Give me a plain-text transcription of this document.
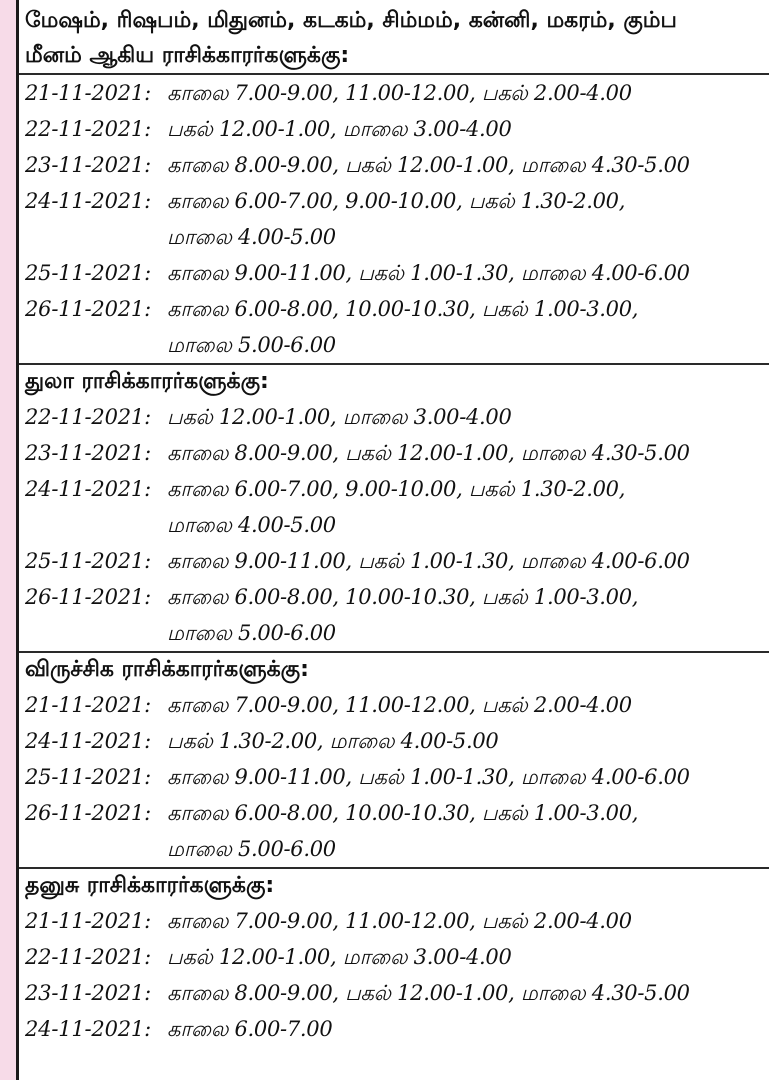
மேஷம், ரிஷபம், மிதுனம், கடகம், சிம்மம், கன்னி, மகரம், கும்ப
மீனம் ஆகிய ராசிக்காரர்களுக்கு:
21-11-2021: காலை 7.00-9.00, 11.00-12.00, பகல் 2.00-4.00
22-11-2021: பகல் 12.00-1.00, மாலை 3.00-4.00
23-11-2021: காலை 8.00-9.00, பகல் 12.00-1.00, மாலை 4.30-5.00
24-11-2021: காலை 6.00-7.00, 9.00-10.00, பகல் 1.30-2.00,
மாலை 4.00-5.00
25-11-2021: காலை 9.00-11.00, பகல் 1.00-1.30, மாலை 4.00-6.00
26-11-2021: காலை 6.00-8.00, 10.00-10.30, பகல் 1.00-3.00,
மாலை 5.00-6.00
துலா ராசிக்காரர்களுக்கு:
22-11-2021: பகல் 12.00-1.00, மாலை 3.00-4.00
23-11-2021: காலை 8.00-9.00, பகல் 12.00-1.00, மாலை 4.30-5.00
24-11-2021: காலை 6.00-7.00, 9.00-10.00, பகல் 1.30-2.00,
மாலை 4.00-5.00
25-11-2021: காலை 9.00-11.00, பகல் 1.00-1.30, மாலை 4.00-6.00
26-11-2021: காலை 6.00-8.00, 10.00-10.30, பகல் 1.00-3.00,
மாலை 5.00-6.00
விருச்சிக ராசிக்காரர்களுக்கு:
21-11-2021: காலை 7.00-9.00, 11.00-12.00, பகல் 2.00-4.00
24-11-2021: பகல் 1.30-2.00, மாலை 4.00-5.00
25-11-2021: காலை 9.00-11.00, பகல் 1.00-1.30, மாலை 4.00-6.00
26-11-2021: காலை 6.00-8.00, 10.00-10.30, பகல் 1.00-3.00,
மாலை 5.00-6.00
தனுசு ராசிக்காரர்களுக்கு:
21-11-2021: காலை 7.00-9.00, 11.00-12.00, பகல் 2.00-4.00
22-11-2021: பகல் 12.00-1.00, மாலை 3.00-4.00
23-11-2021: காலை 8.00-9.00, பகல் 12.00-1.00, மாலை 4.30-5.00
24-11-2021: காலை 6.00-7.00
